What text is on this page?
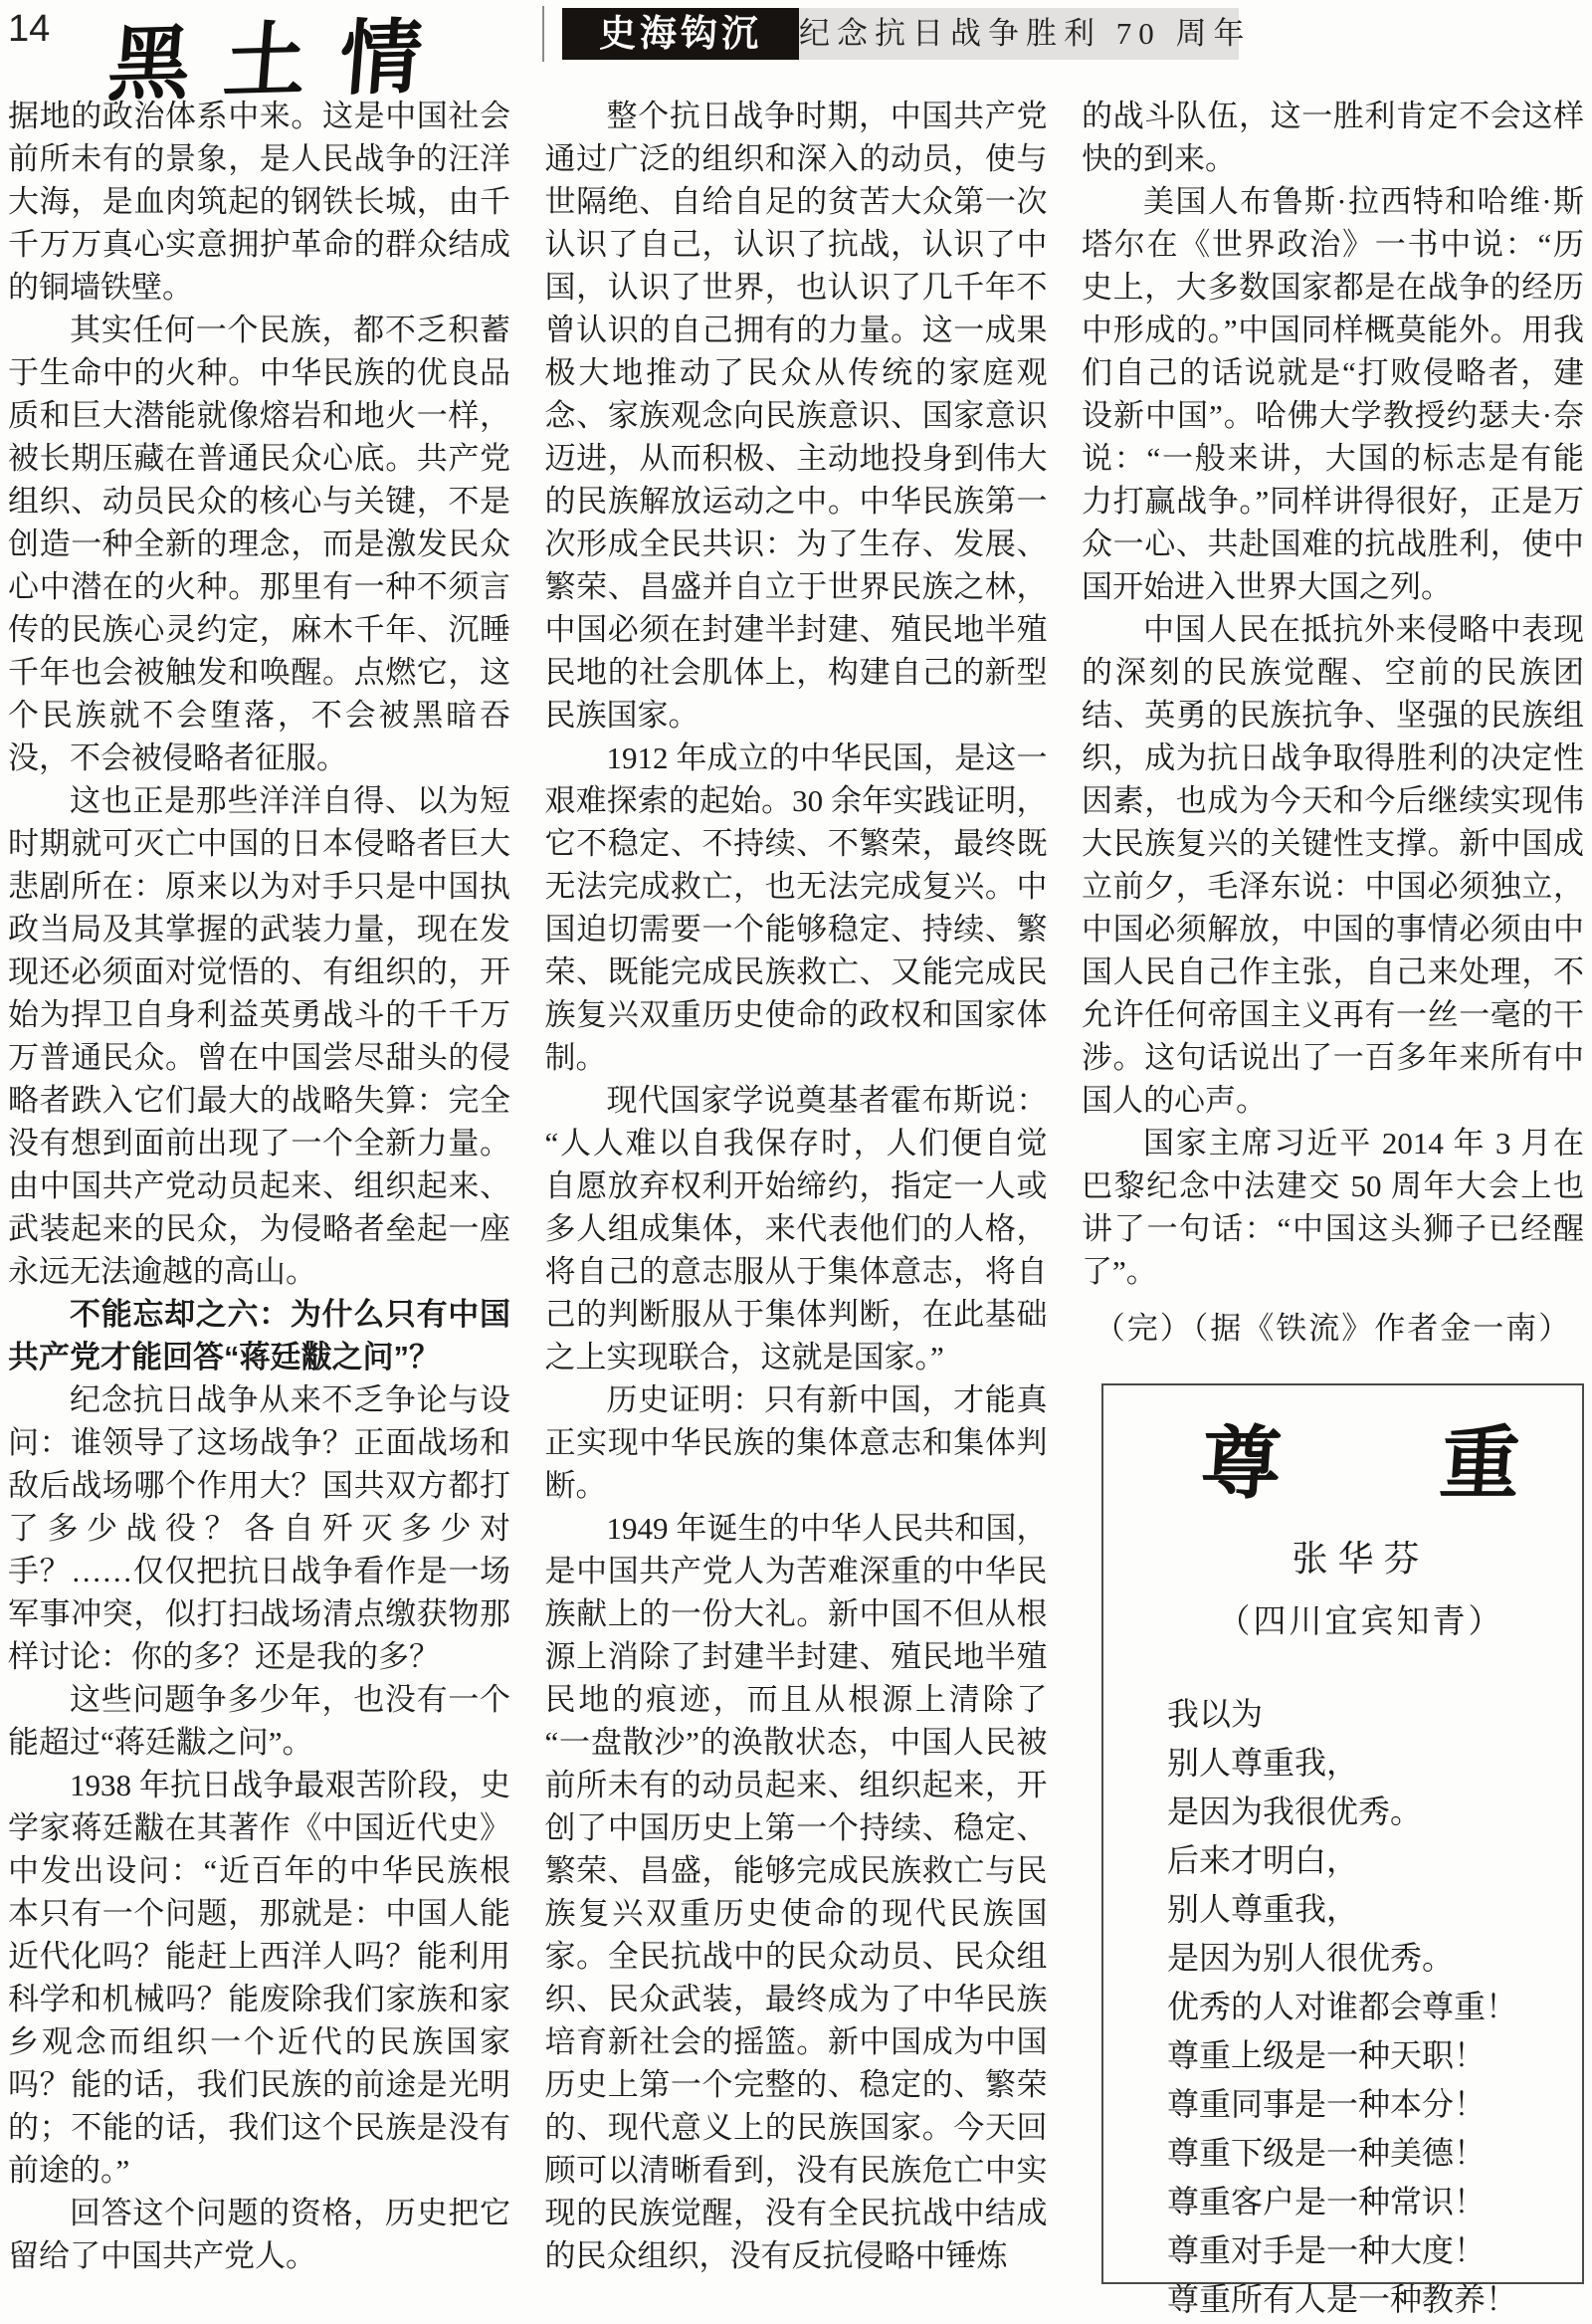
14 黑土情	史海钩沉	纪念抗日战争胜利 70 周年

据地的政治体系中来。这是中国社会前所未有的景象，是人民战争的汪洋大海，是血肉筑起的钢铁长城，由千千万万真心实意拥护革命的群众结成的铜墙铁壁。

其实任何一个民族，都不乏积蓄于生命中的火种。中华民族的优良品质和巨大潜能就像熔岩和地火一样，被长期压藏在普通民众心底。共产党组织、动员民众的核心与关键，不是创造一种全新的理念，而是激发民众心中潜在的火种。那里有一种不须言传的民族心灵约定，麻木千年、沉睡千年也会被触发和唤醒。点燃它，这个民族就不会堕落，不会被黑暗吞没，不会被侵略者征服。

这也正是那些洋洋自得、以为短时期就可灭亡中国的日本侵略者巨大悲剧所在：原来以为对手只是中国执政当局及其掌握的武装力量，现在发现还必须面对觉悟的、有组织的，开始为捍卫自身利益英勇战斗的千千万万普通民众。曾在中国尝尽甜头的侵略者跌入它们最大的战略失算：完全没有想到面前出现了一个全新力量。由中国共产党动员起来、组织起来、武装起来的民众，为侵略者垒起一座永远无法逾越的高山。

不能忘却之六：为什么只有中国共产党才能回答“蒋廷黻之问”？

纪念抗日战争从来不乏争论与设问：谁领导了这场战争？正面战场和敌后战场哪个作用大？国共双方都打了多少战役？各自歼灭多少对手？……仅仅把抗日战争看作是一场军事冲突，似打扫战场清点缴获物那样讨论：你的多？还是我的多？

这些问题争多少年，也没有一个能超过“蒋廷黻之问”。

1938 年抗日战争最艰苦阶段，史学家蒋廷黻在其著作《中国近代史》中发出设问：“近百年的中华民族根本只有一个问题，那就是：中国人能近代化吗？能赶上西洋人吗？能利用科学和机械吗？能废除我们家族和家乡观念而组织一个近代的民族国家吗？能的话，我们民族的前途是光明的；不能的话，我们这个民族是没有前途的。”

回答这个问题的资格，历史把它留给了中国共产党人。

整个抗日战争时期，中国共产党通过广泛的组织和深入的动员，使与世隔绝、自给自足的贫苦大众第一次认识了自己，认识了抗战，认识了中国，认识了世界，也认识了几千年不曾认识的自己拥有的力量。这一成果极大地推动了民众从传统的家庭观念、家族观念向民族意识、国家意识迈进，从而积极、主动地投身到伟大的民族解放运动之中。中华民族第一次形成全民共识：为了生存、发展、繁荣、昌盛并自立于世界民族之林，中国必须在封建半封建、殖民地半殖民地的社会肌体上，构建自己的新型民族国家。

1912 年成立的中华民国，是这一艰难探索的起始。30 余年实践证明，它不稳定、不持续、不繁荣，最终既无法完成救亡，也无法完成复兴。中国迫切需要一个能够稳定、持续、繁荣、既能完成民族救亡、又能完成民族复兴双重历史使命的政权和国家体制。

现代国家学说奠基者霍布斯说：“人人难以自我保存时，人们便自觉自愿放弃权利开始缔约，指定一人或多人组成集体，来代表他们的人格，将自己的意志服从于集体意志，将自己的判断服从于集体判断，在此基础之上实现联合，这就是国家。”

历史证明：只有新中国，才能真正实现中华民族的集体意志和集体判断。

1949 年诞生的中华人民共和国，是中国共产党人为苦难深重的中华民族献上的一份大礼。新中国不但从根源上消除了封建半封建、殖民地半殖民地的痕迹，而且从根源上清除了“一盘散沙”的涣散状态，中国人民被前所未有的动员起来、组织起来，开创了中国历史上第一个持续、稳定、繁荣、昌盛，能够完成民族救亡与民族复兴双重历史使命的现代民族国家。全民抗战中的民众动员、民众组织、民众武装，最终成为了中华民族培育新社会的摇篮。新中国成为中国历史上第一个完整的、稳定的、繁荣的、现代意义上的民族国家。今天回顾可以清晰看到，没有民族危亡中实现的民族觉醒，没有全民抗战中结成的民众组织，没有反抗侵略中锤炼

的战斗队伍，这一胜利肯定不会这样快的到来。

美国人布鲁斯·拉西特和哈维·斯塔尔在《世界政治》一书中说：“历史上，大多数国家都是在战争的经历中形成的。”中国同样概莫能外。用我们自己的话说就是“打败侵略者，建设新中国”。哈佛大学教授约瑟夫·奈说：“一般来讲，大国的标志是有能力打赢战争。”同样讲得很好，正是万众一心、共赴国难的抗战胜利，使中国开始进入世界大国之列。

中国人民在抵抗外来侵略中表现的深刻的民族觉醒、空前的民族团结、英勇的民族抗争、坚强的民族组织，成为抗日战争取得胜利的决定性因素，也成为今天和今后继续实现伟大民族复兴的关键性支撑。新中国成立前夕，毛泽东说：中国必须独立，中国必须解放，中国的事情必须由中国人民自己作主张，自己来处理，不允许任何帝国主义再有一丝一毫的干涉。这句话说出了一百多年来所有中国人的心声。

国家主席习近平 2014 年 3 月在巴黎纪念中法建交 50 周年大会上也讲了一句话：“中国这头狮子已经醒了”。

（完）（据《铁流》作者金一南）

尊　　重

张华芬

（四川宜宾知青）

我以为

别人尊重我，

是因为我很优秀。

后来才明白，

别人尊重我，

是因为别人很优秀。

优秀的人对谁都会尊重！

尊重上级是一种天职！

尊重同事是一种本分！

尊重下级是一种美德！

尊重客户是一种常识！

尊重对手是一种大度！

尊重所有人是一种教养！
